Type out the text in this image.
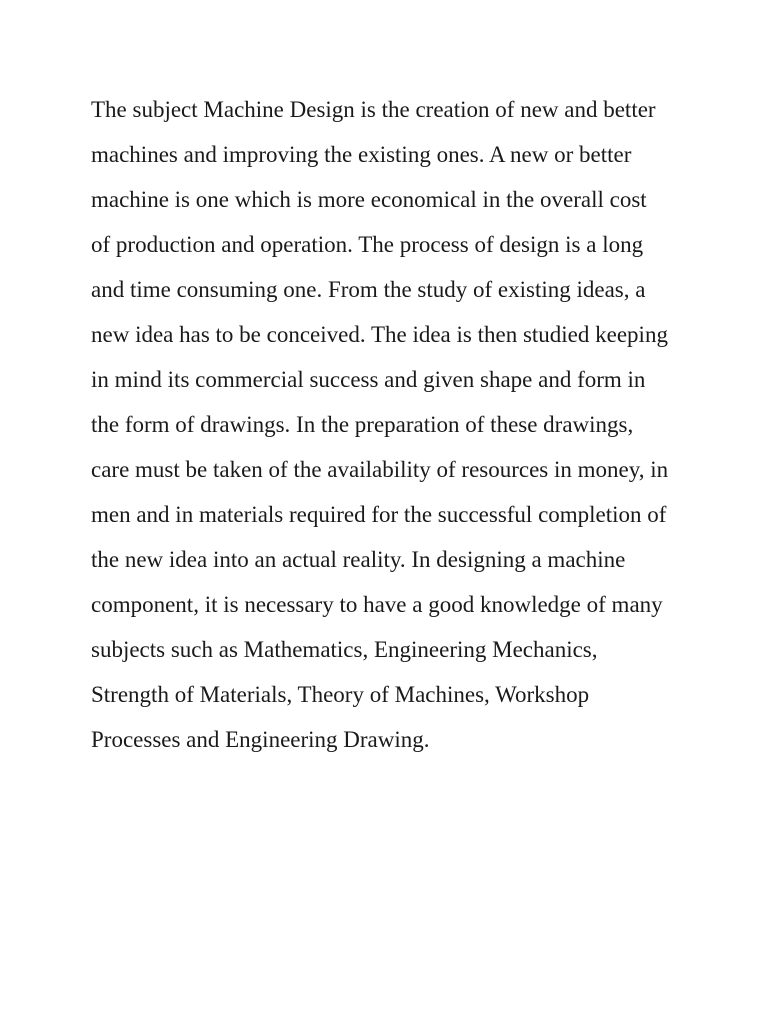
The subject Machine Design is the creation of new and better
machines and improving the existing ones. A new or better
machine is one which is more economical in the overall cost
of production and operation. The process of design is a long
and time consuming one. From the study of existing ideas, a
new idea has to be conceived. The idea is then studied keeping
in mind its commercial success and given shape and form in
the form of drawings. In the preparation of these drawings,
care must be taken of the availability of resources in money, in
men and in materials required for the successful completion of
the new idea into an actual reality. In designing a machine
component, it is necessary to have a good knowledge of many
subjects such as Mathematics, Engineering Mechanics,
Strength of Materials, Theory of Machines, Workshop
Processes and Engineering Drawing.
